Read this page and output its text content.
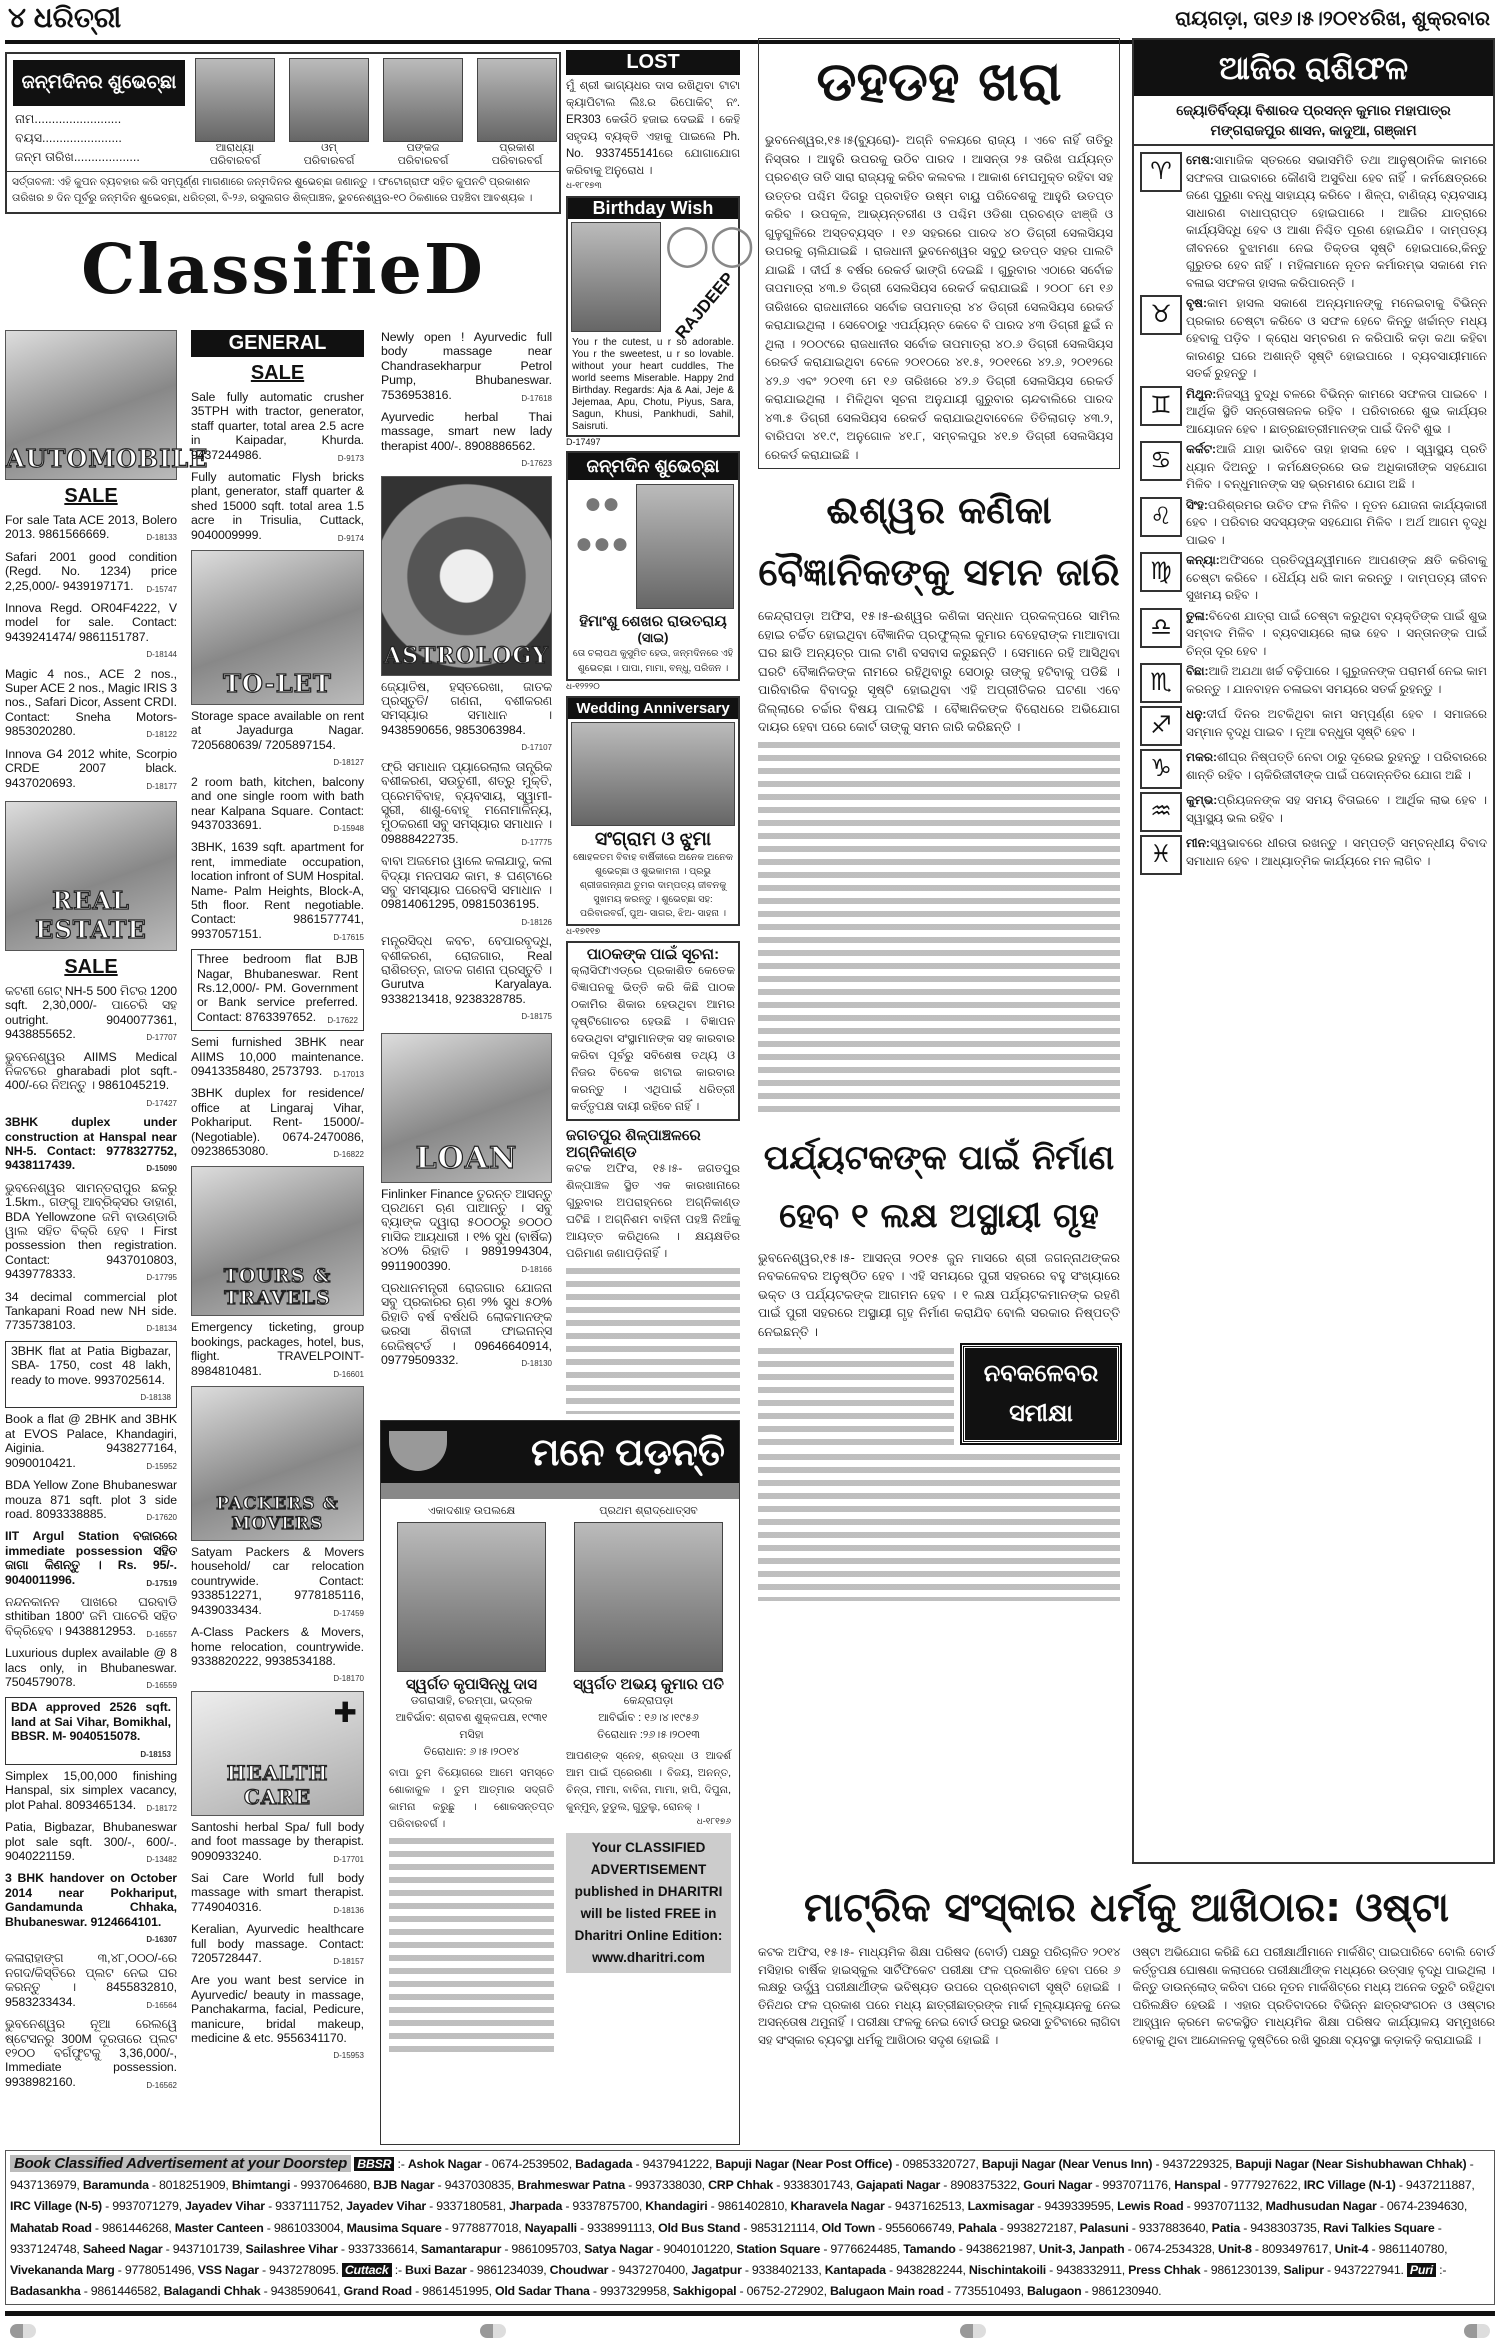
୪ ଧରିତ୍ରୀ	ରାୟଗଡ଼ା, ତା୧୬।୫।୨୦୧୪ରିଖ, ଶୁକ୍ରବାର
ଜନ୍ମଦିନର ଶୁଭେଚ୍ଛା
ନାମ.........................
ବୟସ.......................
ଜନ୍ମ ତାରିଖ...................
ଆରାଧ୍ୟା
ପରିବାରବର୍ଗ
ଓମ୍
ପରିବାରବର୍ଗ
ପଙ୍କଜ
ପରିବାରବର୍ଗ
ପ୍ରକାଶ
ପରିବାରବର୍ଗ
ସର୍ତ୍ତାବଳୀ: ଏହି କୁପନ ବ୍ୟବହାର କରି ସମ୍ପୂର୍ଣ୍ଣ ମାଗଣାରେ ଜନ୍ମଦିନର ଶୁଭେଚ୍ଛା ଜଣାନ୍ତୁ । ଫଟୋଗ୍ରାଫ ସହିତ କୁପନଟି ପ୍ରକାଶନ ତାରିଖର ୭ ଦିନ ପୂର୍ବରୁ ଜନ୍ମଦିନ ଶୁଭେଚ୍ଛା, ଧରିତ୍ରୀ, ବି-୨୬, ରସୁଲଗଡ ଶିଳ୍ପାଞ୍ଚଳ, ଭୁବନେଶ୍ୱର-୧୦ ଠିକଣାରେ ପହଞ୍ଚିବା ଆବଶ୍ୟକ ।
ClassifieD
AUTOMOBILE
SALE
For sale Tata ACE 2013, Bolero 2013. 9861566669.	D-18133
Safari 2001 good condition (Regd. No. 1234) price 2,25,000/- 9439197171. D-15747
Innova Regd. OR04F4222, V model for sale. Contact: 9439241474/ 9861151787.
D-18144
Magic 4 nos., ACE 2 nos., Super ACE 2 nos., Magic IRIS 3 nos., Safari Dicor, Assent CRDI. Contact: Sneha Motors-9853020280.	D-18122
Innova G4 2012 white, Scorpio CRDE 2007 black. 9437020693.	D-18177
REAL ESTATE
SALE
କଟଣୀ ଗେଟ୍ NH-5 500 ମିଟର 1200 sqft. 2,30,000/- ପାଚେରି ସହ outright. 9040077361, 9438855652.	D-17707
ଭୁବନେଶ୍ୱର AIIMS Medical ନିକଟରେ gharabadi plot sqft.- 400/-ରେ ନିଅନ୍ତୁ । 9861045219.
D-17427
3BHK duplex under construction at Hanspal near NH-5. Contact: 9778327752, 9438117439.	D-15090
ଭୁବନେଶ୍ୱର ସାମନ୍ତରାପୁର ଛକରୁ 1.5km., ଗଙ୍ଗୁ ଆବ୍ରିକ୍ସର ଡାହାଣ, BDA Yellowzone ଜମି ବାଉଣ୍ଡାରି ୱାଲ ସହିତ ବିକ୍ରି ହେବ । First possession then registration. Contact: 9437010803, 9439778333.	D-17795
34 decimal commercial plot Tankapani Road new NH side. 7735738103.	D-18134
3BHK flat at Patia Bigbazar, SBA- 1750, cost 48 lakh, ready to move. 9937025614.
D-18138
Book a flat @ 2BHK and 3BHK at EVOS Palace, Khandagiri, Aiginia. 9438277164, 9090010421.	D-15952
BDA Yellow Zone Bhubaneswar mouza 871 sqft. plot 3 side road. 8093338885.	D-17620
IIT Argul Station ବଜାରରେ immediate possession ସହିତ ଜାଗା କିଣନ୍ତୁ । Rs. 95/-. 9040011996.	D-17519
ନନ୍ଦନକାନନ ପାଖରେ ଘରବାଡି sthitiban 1800' ଜମି ପାଚେରି ସହିତ ବିକ୍ରିହେବ । 9438812953. D-16557
Luxurious duplex available @ 8 lacs only, in Bhubaneswar. 7504579078.	D-16559
BDA approved 2526 sqft. land at Sai Vihar, Bomikhal, BBSR. M- 9040515078.
D-18153
Simplex 15,00,000 finishing Hanspal, six simplex vacancy, plot Pahal. 8093465134. D-18172
Patia, Bigbazar, Bhubaneswar plot sale sqft. 300/-, 600/-. 9040221159.	D-13482
3 BHK handover on October 2014 near Pokhariput, Gandamunda Chhaka, Bhubaneswar. 9124664101.
D-16307
କଳାରାହାଙ୍ଗ ୩,୪୮,୦୦୦/-ରେ ନଗଦ/କିସ୍ତିରେ ପ୍ଲଟ ନେଇ ଘର କରନ୍ତୁ । 8455832810, 9583233434.	D-16564
ଭୁବନେଶ୍ୱର ନୂଆ ରେଲୱେ ଷ୍ଟେସନରୁ 300M ଦୂରତାରେ ପ୍ଲଟ ୧୨୦୦ ବର୍ଗଫୁଟକୁ 3,36,000/-, Immediate possession. 9938982160.	D-16562
GENERAL
SALE
Sale fully automatic crusher 35TPH with tractor, generator, staff quarter, total area 2.5 acre in Kaipadar, Khurda. 9437244986.	D-9173
Fully automatic Flysh bricks plant, generator, staff quarter & shed 15000 sqft. total area 1.5 acre in Trisulia, Cuttack, 9040009999.	D-9174
TO-LET
Storage space available on rent at Jayadurga Nagar. 7205680639/ 7205897154.
D-18127
2 room bath, kitchen, balcony and one single room with bath near Kalpana Square. Contact: 9437033691.	D-15948
3BHK, 1639 sqft. apartment for rent, immediate occupation, location infront of SUM Hospital. Name- Palm Heights, Block-A, 5th floor. Rent negotiable. Contact: 9861577741, 9937057151.	D-17615
Three bedroom flat BJB Nagar, Bhubaneswar. Rent Rs.12,000/- PM. Government or Bank service preferred. Contact: 8763397652. D-17622
Semi furnished 3BHK near AIIMS 10,000 maintenance. 09413358480, 2573793. D-17013
3BHK duplex for residence/ office at Lingaraj Vihar, Pokhariput. Rent- 15000/- (Negotiable). 0674-2470086, 09238653080.	D-16822
TOURS & TRAVELS
Emergency ticketing, group bookings, packages, hotel, bus, flight. TRAVELPOINT-8984810481.	D-16601
PACKERS & MOVERS
Satyam Packers & Movers household/ car relocation countrywide. Contact: 9338512271, 9778185116, 9439033434.	D-17459
A-Class Packers & Movers, home relocation, countrywide. 9338820222, 9938534188.
D-18170
✚
HEALTH CARE
Santoshi herbal Spa/ full body and foot massage by therapist. 9090933240.	D-17701
Sai Care World full body massage with smart therapist. 7749040316.	D-18136
Keralian, Ayurvedic healthcare full body massage. Contact: 7205728447.	D-18157
Are you want best service in Ayurvedic/ beauty in massage, Panchakarma, facial, Pedicure, manicure, bridal makeup, medicine & etc. 9556341170.
D-15953
Newly open ! Ayurvedic full body massage near Chandrasekharpur Petrol Pump, Bhubaneswar. 7536953816.	D-17618
Ayurvedic herbal Thai massage, smart new lady therapist 400/-. 8908886562.
D-17623
ASTROLOGY
ଜ୍ୟୋତିଷ, ହସ୍ତରେଖା, ଜାତକ ପ୍ରସ୍ତୁତି/ ଗଣନା, ବଶୀକରଣ ସମସ୍ୟାର ସମାଧାନ । 9438590656, 9853063984.
D-17107
ଫ୍ରି ସମାଧାନ ପ୍ୟାରେଲାଲ ତାନ୍ତ୍ରିକ ବଶୀକରଣ, ସଉତୁଣୀ, ଶତ୍ରୁ ମୁକ୍ତି, ପ୍ରେମବିବାହ, ବ୍ୟବସାୟ, ସ୍ୱାମୀ-ସ୍ତ୍ରୀ, ଶାଶୁ-ବୋହୂ ମନୋମାଳିନ୍ୟ, ମୁଠକରଣୀ ସବୁ ସମସ୍ୟାର ସମାଧାନ । 09888422735.	D-17775
ବାବା ଅଜମେର ୱାଲେ କଳାଯାଦୁ, କଳା ବିଦ୍ୟା ମନପସନ୍ଦ କାମ, ୫ ଘଣ୍ଟାରେ ସବୁ ସମସ୍ୟାର ଘରେବସି ସମାଧାନ । 09814061295, 09815036195.
D-18126
ମନ୍ତ୍ରସିଦ୍ଧ କବଚ, ବେପାରବୃଦ୍ଧି, ବଶୀକରଣ, ରୋଜଗାର, Real ରାଶିରତ୍ନ, ଜାତକ ଗଣନା ପ୍ରସ୍ତୁତି । Gurutva Karyalaya. 9338213418, 9238328785.
D-18175
LOAN
Finlinker Finance ତୁରନ୍ତ ଆସନ୍ତୁ ପ୍ରଥମେ ଋଣ ପାଆନ୍ତୁ । ସବୁ ବ୍ୟାଙ୍କ ଦ୍ୱାରା ୫୦୦୦ରୁ ୭୦୦୦ ମାସିକ ଆୟଧାରୀ । ୧% ସୁଧ (ବାର୍ଷିକ) ୪୦% ରିହାତି । 9891994304, 9911900390.	D-18166
ପ୍ରଧାନମନ୍ତ୍ରୀ ରୋଜଗାର ଯୋଜନା ସବୁ ପ୍ରକାରର ଋଣ ୨% ସୁଧ ୫୦% ରିହାତି ବର୍ଷ ବର୍ଷଧରି ଲୋକମାନଙ୍କ ଭରସା ଶିବାଜୀ ଫାଇନାନ୍ସ ରେଜିଷ୍ଟର୍ଡ । 09646640914, 09779509332.	D-18130
LOST
ମୁଁ ଶ୍ରୀ ଭାଗ୍ୟଧର ଦାସ ରଖିଥିବା ଟାଟା କ୍ୟାପିଟାଲ ଲିଃ.ର ରିପୋକିଟ୍ ନଂ. ER303 କେଉଁଠି ହଜାଇ ଦେଇଛି । କେହି ସହୃଦୟ ବ୍ୟକ୍ତି ଏହାକୁ ପାଇଲେ Ph. No. 9337455141ରେ ଯୋଗାଯୋଗ କରିବାକୁ ଅନୁରୋଧ ।
ଧ-୧୮୧୭୩
Birthday Wish
◯◯
RAJDEEP
You r the cutest, u r so adorable. You r the sweetest, u r so lovable. without your heart cuddles, The world seems Miserable. Happy 2nd Birthday. Regards: Aja & Aai, Jeje & Jejemaa, Apu, Chotu, Piyus, Sara, Sagun, Khusi, Pankhudi, Sahil, Saisruti.
D-17497
ଜନ୍ମଦିନ ଶୁଭେଚ୍ଛା
●●
●●●
ହିମାଂଶୁ ଶେଖର ରାଉତରାୟ
(ସାଇ)
ତୋ ଚଲାପଥ କୁସୁମିତ ହେଉ, ଜନ୍ମଦିନରେ ଏହି ଶୁଭେଚ୍ଛା । ପାପା, ମାମା, ବନ୍ଧୁ, ପରିଜନ ।
ଧ-୧୨୨୨୦
Wedding Anniversary
ସଂଗ୍ରାମ ଓ ଝୁମା
ଷୋହଳତମ ବିବାହ ବାର୍ଷିକୀରେ ଅନେକ ଅନେକ ଶୁଭେଚ୍ଛା ଓ ଶୁଭକାମନା । ପ୍ରଭୁ ଶ୍ରୀଜଗନ୍ନାଥ ତୁମର ଦାମ୍ପତ୍ୟ ଜୀବନକୁ ସୁଖମୟ କରନ୍ତୁ । ଶୁଭେଚ୍ଛା ସହ: ପରିବାରବର୍ଗ, ପୁଅ- ସାଗର, ଝିଅ- ସାହନା ।
ଧ-୧୭୧୧୭
ପାଠକଙ୍କ ପାଇଁ ସୂଚନା:
କ୍ଲାସିଫାଏଡ୍‌ରେ ପ୍ରକାଶିତ କେତେକ ବିଜ୍ଞାପନକୁ ଭିତ୍ତି କରି କିଛି ପାଠକ ଠକାମିର ଶିକାର ହେଉଥିବା ଆମର ଦୃଷ୍ଟିଗୋଚର ହେଉଛି । ବିଜ୍ଞାପନ ଦେଉଥିବା ସଂସ୍ଥାମାନଙ୍କ ସହ କାରବାର କରିବା ପୂର୍ବରୁ ସବିଶେଷ ତଥ୍ୟ ଓ ନିଜର ବିବେକ ଖଟାଇ କାରବାର କରନ୍ତୁ । ଏଥିପାଇଁ ଧରିତ୍ରୀ କର୍ତ୍ତୃପକ୍ଷ ଦାୟୀ ରହିବେ ନାହିଁ ।
ଜଗତପୁର ଶିଳ୍ପାଞ୍ଚଳରେ ଅଗ୍ନିକାଣ୍ଡ
କଟକ ଅଫିସ, ୧୫।୫- ଜଗତପୁର ଶିଳ୍ପାଞ୍ଚଳ ସ୍ଥିତ ଏକ କାରଖାନାରେ ଗୁରୁବାର ଅପରାହ୍ନରେ ଅଗ୍ନିକାଣ୍ଡ ଘଟିଛି । ଅଗ୍ନିଶମ ବାହିନୀ ପହଞ୍ଚି ନିଆଁକୁ ଆୟତ୍ତ କରିଥିଲେ । କ୍ଷୟକ୍ଷତିର ପରିମାଣ ଜଣାପଡ଼ିନାହିଁ ।
ମନେ ପଡ଼ନ୍ତି
ଏକାଦଶାହ ଉପଲକ୍ଷେ
ସ୍ୱର୍ଗତ କୃପାସିନ୍ଧୁ ଦାସ
ଡଗରାସାହି, ଚରମ୍ପା, ଭଦ୍ରକ
ଆବିର୍ଭାବ: ଶ୍ରାବଣ ଶୁକ୍ଳପକ୍ଷ, ୧୯୩୧ ମସିହା
ତିରୋଧାନ: ୬।୫।୨୦୧୪
ବାପା ତୁମ ବିୟୋଗରେ ଆମେ ସମସ୍ତେ ଶୋକାକୁଳ । ତୁମ ଆତ୍ମାର ସଦ୍‌ଗତି କାମନା କରୁଛୁ । ଶୋକସନ୍ତପ୍ତ ପରିବାରବର୍ଗ ।
ପ୍ରଥମ ଶ୍ରାଦ୍ଧୋତ୍ସବ
ସ୍ୱର୍ଗତ ଅଭୟ କୁମାର ପତି
କେନ୍ଦ୍ରାପଡ଼ା
ଆବିର୍ଭାବ : ୧୬।୪।୧୯୫୬
ତିରୋଧାନ :୨୬।୫।୨୦୧୩
ଆପଣଙ୍କ ସ୍ନେହ, ଶ୍ରଦ୍ଧା ଓ ଆଦର୍ଶ ଆମ ପାଇଁ ପ୍ରେରଣା । ବିଜୟ, ଅନନ୍ତ, ଚିନ୍ତା, ମୀମା, ବାବିନା, ମାମା, ହାପି, ଦିପୁନା, କୁନ୍‌ମୁନ୍, ଡୁଡୁଲ, ଗୁଡୁଲୁ, ରୋନକ୍ ।
ଧ-୧୮୧୭୬
Your CLASSIFIED ADVERTISEMENT published in DHARITRI will be listed FREE in Dharitri Online Edition:
www.dharitri.com
ଡହଡହ ଖରା
ଭୁବନେଶ୍ୱର,୧୫।୫(ବ୍ୟୁରୋ)- ଅଗ୍ନି ବଳୟରେ ରାଜ୍ୟ । ଏବେ ନାହିଁ ତାତିରୁ ନିସ୍ତାର । ଆହୁରି ଉପରକୁ ଉଠିବ ପାରଦ । ଆସନ୍ତା ୨୫ ତାରିଖ ପର୍ଯ୍ୟନ୍ତ ପ୍ରଚଣ୍ଡ ତାତି ସାରା ରାଜ୍ୟକୁ କରିବ କଲବଲ । ଆକାଶ ମେଘମୁକ୍ତ ରହିବା ସହ ଉତ୍ତର ପଶ୍ଚିମ ଦିଗରୁ ପ୍ରବାହିତ ଉଷ୍ମ ବାୟୁ ପରିବେଶକୁ ଆହୁରି ଉତପ୍ତ କରିବ । ଉପକୂଳ, ଆଭ୍ୟନ୍ତରୀଣ ଓ ପଶ୍ଚିମ ଓଡିଶା ପ୍ରଚଣ୍ଡ ଝାଞ୍ଜି ଓ ଗୁଳୁଗୁଳିରେ ଅସ୍ତବ୍ୟସ୍ତ । ୧୬ ସହରରେ ପାରଦ ୪୦ ଡିଗ୍ରୀ ସେଲସିୟସ ଉପରକୁ ଚାଲିଯାଇଛି । ରାଜଧାନୀ ଭୁବନେଶ୍ୱର ସବୁଠୁ ଉତପ୍ତ ସହର ପାଲଟି ଯାଇଛି । ଦୀର୍ଘ ୫ ବର୍ଷର ରେକର୍ଡ ଭାଙ୍ଗି ଦେଇଛି । ଗୁରୁବାର ଏଠାରେ ସର୍ବୋଚ୍ଚ ତାପମାତ୍ରା ୪୩.୭ ଡିଗ୍ରୀ ସେଲସିୟସ ରେକର୍ଡ କରାଯାଇଛି । ୨୦୦୮ ମେ ୧୬ ତାରିଖରେ ରାଜଧାନୀରେ ସର୍ବୋଚ୍ଚ ତାପମାତ୍ରା ୪୪ ଡିଗ୍ରୀ ସେଲସିୟସ ରେକର୍ଡ କରାଯାଇଥିଲା । ସେବେଠାରୁ ଏପର୍ଯ୍ୟନ୍ତ କେବେ ବି ପାରଦ ୪୩ ଡିଗ୍ରୀ ଛୁଇଁ ନ ଥିଲା । ୨୦୦୯ରେ ରାଜଧାନୀର ସର୍ବୋଚ୍ଚ ତାପମାତ୍ରା ୪୦.୬ ଡିଗ୍ରୀ ସେଲସିୟସ ରେକର୍ଡ କରାଯାଇଥିବା ବେଳେ ୨୦୧୦ରେ ୪୧.୫, ୨୦୧୧ରେ ୪୨.୬, ୨୦୧୨ରେ ୪୨.୬ ଏବଂ ୨୦୧୩ ମେ ୧୬ ତାରିଖରେ ୪୨.୬ ଡିଗ୍ରୀ ସେଲସିୟସ ରେକର୍ଡ କରାଯାଇଥିଲା । ମିଳିଥିବା ସୂଚନା ଅନୁଯାୟୀ ଗୁରୁବାର ଚାନ୍ଦବାଲିରେ ପାରଦ ୪୩.୫ ଡିଗ୍ରୀ ସେଲସିୟସ ରେକର୍ଡ କରାଯାଇଥିବାବେଳେ ତିତିଲାଗଡ଼ ୪୩.୨, ବାରିପଦା ୪୧.୯, ଅନୁଗୋଳ ୪୧.୮, ସମ୍ବଲପୁର ୪୧.୭ ଡିଗ୍ରୀ ସେଲସିୟସ ରେକର୍ଡ କରାଯାଇଛି ।
ଈଶ୍ୱର କଣିକା ବୈଜ୍ଞାନିକଙ୍କୁ ସମନ ଜାରି
କେନ୍ଦ୍ରାପଡ଼ା ଅଫିସ, ୧୫।୫-ଈଶ୍ୱର କଣିକା ସନ୍ଧାନ ପ୍ରକଳ୍ପରେ ସାମିଲ ହୋଇ ଚର୍ଚ୍ଚିତ ହୋଇଥିବା ବୈଜ୍ଞାନିକ ପ୍ରଫୁଲ୍ଲ କୁମାର ବେହେରାଙ୍କ ମାଆବାପା ଘର ଛାଡି ଅନ୍ୟତ୍ର ପାଲ ଟାଣି ବସବାସ କରୁଛନ୍ତି । ସେମାନେ ରହି ଆସିଥିବା ଘରଟି ବୈଜ୍ଞାନିକଙ୍କ ନାମରେ ରହିଥିବାରୁ ସେଠାରୁ ତାଙ୍କୁ ହଟିବାକୁ ପଡିଛି । ପାରିବାରିକ ବିବାଦରୁ ସୃଷ୍ଟି ହୋଇଥିବା ଏହି ଅପ୍ରୀତିକର ଘଟଣା ଏବେ ଜିଲ୍ଲାରେ ଚର୍ଚ୍ଚାର ବିଷୟ ପାଲଟିଛି । ବୈଜ୍ଞାନିକଙ୍କ ବିରୋଧରେ ଅଭିଯୋଗ ଦାୟର ହେବା ପରେ କୋର୍ଟ ତାଙ୍କୁ ସମନ ଜାରି କରିଛନ୍ତି ।
ପର୍ଯ୍ୟଟକଙ୍କ ପାଇଁ ନିର୍ମାଣ ହେବ ୧ ଲକ୍ଷ ଅସ୍ଥାୟୀ ଗୃହ
ଭୁବନେଶ୍ୱର,୧୫।୫- ଆସନ୍ତା ୨୦୧୫ ଜୁନ ମାସରେ ଶ୍ରୀ ଜଗନ୍ନାଥଙ୍କର ନବକଳେବର ଅନୁଷ୍ଠିତ ହେବ । ଏହି ସମୟରେ ପୁରୀ ସହରରେ ବହୁ ସଂଖ୍ୟାରେ ଭକ୍ତ ଓ ପର୍ଯ୍ୟଟକଙ୍କ ଆଗମନ ହେବ । ୧ ଲକ୍ଷ ପର୍ଯ୍ୟଟକମାନଙ୍କ ରହଣି ପାଇଁ ପୁରୀ ସହରରେ ଅସ୍ଥାୟୀ ଗୃହ ନିର୍ମାଣ କରାଯିବ ବୋଲି ସରକାର ନିଷ୍ପତ୍ତି ନେଇଛନ୍ତି ।
ନବକଳେବର ସମୀକ୍ଷା
ଆଜିର ରାଶିଫଳ
ଜ୍ୟୋତିର୍ବିଦ୍ୟା ବିଶାରଦ ପ୍ରସନ୍ନ କୁମାର ମହାପାତ୍ର
ମଙ୍ଗରାଜପୁର ଶାସନ, କାଦୁଆ, ଗଞ୍ଜାମ
♈	ମେଷ:ସାମାଜିକ ସ୍ତରରେ ସଭାସମିତି ତଥା ଆନୁଷ୍ଠାନିକ କାମରେ ସଫଳତା ପାଇବାରେ କୌଣସି ଅସୁବିଧା ହେବ ନାହିଁ । କର୍ମକ୍ଷେତ୍ରରେ ଜଣେ ପୁରୁଣା ବନ୍ଧୁ ସାହାଯ୍ୟ କରିବେ । ଶିଳ୍ପ, ବାଣିଜ୍ୟ ବ୍ୟବସାୟ ସାଧାରଣ ବାଧାପ୍ରାପ୍ତ ହୋଇପାରେ । ଆଜିର ଯାତ୍ରାରେ କାର୍ଯ୍ୟସିଦ୍ଧି ହେବ ଓ ଆଶା ନିଶ୍ଚିତ ପୂରଣ ହୋଇଯିବ । ଦାମ୍ପତ୍ୟ ଜୀବନରେ ବୁଝାମଣା ନେଇ ତିକ୍ତତା ସୃଷ୍ଟି ହୋଇପାରେ,କିନ୍ତୁ ଗୁରୁତର ହେବ ନାହିଁ । ମହିଳାମାନେ ନୂତନ କର୍ମାରମ୍ଭ ସକାଶେ ମନ ବଳାଇ ସଫଳତା ହାସଲ କରିପାରନ୍ତି ।
♉	ବୃଷ:କାମ ହାସଲ ସକାଶେ ଅନ୍ୟମାନଙ୍କୁ ମନେଇବାକୁ ବିଭିନ୍ନ ପ୍ରକାର ଚେଷ୍ଟା କରିବେ ଓ ସଫଳ ହେବେ କିନ୍ତୁ ଖର୍ଚ୍ଚାନ୍ତ ମଧ୍ୟ ହେବାକୁ ପଡ଼ିବ । କ୍ରୋଧ ସମ୍ବରଣ ନ କରିପାରି କଡ଼ା କଥା କହିବା କାରଣରୁ ଘରେ ଅଶାନ୍ତି ସୃଷ୍ଟି ହୋଇପାରେ । ବ୍ୟବସାୟୀମାନେ ସତର୍କ ରୁହନ୍ତୁ ।
♊	ମିଥୁନ:ନିଜସ୍ୱ ବୁଦ୍ଧି ବଳରେ ବିଭିନ୍ନ କାମରେ ସଫଳତା ପାଇବେ । ଆର୍ଥିକ ସ୍ଥିତି ସନ୍ତୋଷଜନକ ରହିବ । ପରିବାରରେ ଶୁଭ କାର୍ଯ୍ୟର ଆୟୋଜନ ହେବ । ଛାତ୍ରଛାତ୍ରୀମାନଙ୍କ ପାଇଁ ଦିନଟି ଶୁଭ ।
♋	କର୍କଟ:ଆଜି ଯାହା ଭାବିବେ ତାହା ହାସଲ ହେବ । ସ୍ୱାସ୍ଥ୍ୟ ପ୍ରତି ଧ୍ୟାନ ଦିଅନ୍ତୁ । କର୍ମକ୍ଷେତ୍ରରେ ଉଚ୍ଚ ଅଧିକାରୀଙ୍କ ସହଯୋଗ ମିଳିବ । ବନ୍ଧୁମାନଙ୍କ ସହ ଭ୍ରମଣର ଯୋଗ ଅଛି ।
♌	ସିଂହ:ପରିଶ୍ରମର ଉଚିତ ଫଳ ମିଳିବ । ନୂତନ ଯୋଜନା କାର୍ଯ୍ୟକାରୀ ହେବ । ପରିବାର ସଦସ୍ୟଙ୍କ ସହଯୋଗ ମିଳିବ । ଅର୍ଥ ଆଗମ ବୃଦ୍ଧି ପାଇବ ।
♍	କନ୍ୟା:ଅଫିସରେ ପ୍ରତିଦ୍ୱନ୍ଦ୍ୱୀମାନେ ଆପଣଙ୍କ କ୍ଷତି କରିବାକୁ ଚେଷ୍ଟା କରିବେ । ଧୈର୍ଯ୍ୟ ଧରି କାମ କରନ୍ତୁ । ଦାମ୍ପତ୍ୟ ଜୀବନ ସୁଖମୟ ରହିବ ।
♎	ତୁଳା:ବିଦେଶ ଯାତ୍ରା ପାଇଁ ଚେଷ୍ଟା କରୁଥିବା ବ୍ୟକ୍ତିଙ୍କ ପାଇଁ ଶୁଭ ସମ୍ବାଦ ମିଳିବ । ବ୍ୟବସାୟରେ ଲାଭ ହେବ । ସନ୍ତାନଙ୍କ ପାଇଁ ଚିନ୍ତା ଦୂର ହେବ ।
♏	ବିଛା:ଆଜି ଅଯଥା ଖର୍ଚ୍ଚ ବଢ଼ିପାରେ । ଗୁରୁଜନଙ୍କ ପରାମର୍ଶ ନେଇ କାମ କରନ୍ତୁ । ଯାନବାହନ ଚଳାଇବା ସମୟରେ ସତର୍କ ରୁହନ୍ତୁ ।
♐	ଧନୁ:ଦୀର୍ଘ ଦିନର ଅଟକିଥିବା କାମ ସମ୍ପୂର୍ଣ୍ଣ ହେବ । ସମାଜରେ ସମ୍ମାନ ବୃଦ୍ଧି ପାଇବ । ନୂଆ ବନ୍ଧୁତା ସୃଷ୍ଟି ହେବ ।
♑	ମକର:ଶୀଘ୍ର ନିଷ୍ପତ୍ତି ନେବା ଠାରୁ ଦୂରେଇ ରୁହନ୍ତୁ । ପରିବାରରେ ଶାନ୍ତି ରହିବ । ଚାକିରିଜୀବୀଙ୍କ ପାଇଁ ପଦୋନ୍ନତିର ଯୋଗ ଅଛି ।
♒	କୁମ୍ଭ:ପ୍ରିୟଜନଙ୍କ ସହ ସମୟ ବିତାଇବେ । ଆର୍ଥିକ ଲାଭ ହେବ । ସ୍ୱାସ୍ଥ୍ୟ ଭଲ ରହିବ ।
♓	ମୀନ:ସ୍ୱଭାବରେ ଧୀରତା ରଖନ୍ତୁ । ସମ୍ପତ୍ତି ସମ୍ବନ୍ଧୀୟ ବିବାଦ ସମାଧାନ ହେବ । ଆଧ୍ୟାତ୍ମିକ କାର୍ଯ୍ୟରେ ମନ ଲାଗିବ ।
ମାଟ୍ରିକ ସଂସ୍କାର ଧର୍ମକୁ ଆଖିଠାର: ଓଷ୍ଟା
କଟକ ଅଫିସ, ୧୫।୫- ମାଧ୍ୟମିକ ଶିକ୍ଷା ପରିଷଦ (ବୋର୍ଡ) ପକ୍ଷରୁ ପରିଚାଳିତ ୨୦୧୪ ମସିହାର ବାର୍ଷିକ ହାଇସ୍କୁଲ ସାର୍ଟିଫିକେଟ ପରୀକ୍ଷା ଫଳ ପ୍ରକାଶିତ ହେବା ପରେ ୬ ଲକ୍ଷରୁ ଊର୍ଦ୍ଧ୍ୱ ପରୀକ୍ଷାର୍ଥୀଙ୍କ ଭବିଷ୍ୟତ ଉପରେ ପ୍ରଶ୍ନବାଚୀ ସୃଷ୍ଟି ହୋଇଛି । ତିନିଥର ଫଳ ପ୍ରକାଶ ପରେ ମଧ୍ୟ ଛାତ୍ରୀଛାତ୍ରଙ୍କ ମାର୍କ ମୂଲ୍ୟାୟନକୁ ନେଇ ଅସନ୍ତୋଷ ଥମୁନାହିଁ । ପରୀକ୍ଷା ଫଳକୁ ନେଇ ବୋର୍ଡ ଉପରୁ ଭରସା ତୁଟିବାରେ ଲାଗିବା ସହ ସଂସ୍କାର ବ୍ୟବସ୍ଥା ଧର୍ମକୁ ଆଖିଠାର ସଦୃଶ ହୋଇଛି ।
ଓଷ୍ଟା ଅଭିଯୋଗ କରିଛି ଯେ ପରୀକ୍ଷାର୍ଥୀମାନେ ମାର୍କଶିଟ୍ ପାଇପାରିବେ ବୋଲି ବୋର୍ଡ କର୍ତ୍ତୃପକ୍ଷ ଘୋଷଣା କଲାପରେ ପରୀକ୍ଷାର୍ଥୀଙ୍କ ମଧ୍ୟରେ ଉତ୍ସାହ ବୃଦ୍ଧି ପାଇଥିଲା । କିନ୍ତୁ ଡାଉନ୍‌ଲୋଡ୍ କରିବା ପରେ ନୂତନ ମାର୍କଶିଟ୍‌ରେ ମଧ୍ୟ ଅନେକ ତ୍ରୁଟି ରହିଥିବା ପରିଲକ୍ଷିତ ହେଉଛି । ଏହାର ପ୍ରତିବାଦରେ ବିଭିନ୍ନ ଛାତ୍ରସଂଗଠନ ଓ ଓଷ୍ଟାର ଆହ୍ୱାନ କ୍ରମେ କଟକସ୍ଥିତ ମାଧ୍ୟମିକ ଶିକ୍ଷା ପରିଷଦ କାର୍ଯ୍ୟାଳୟ ସମ୍ମୁଖରେ ହେବାକୁ ଥିବା ଆନ୍ଦୋଳନକୁ ଦୃଷ୍ଟିରେ ରଖି ସୁରକ୍ଷା ବ୍ୟବସ୍ଥା କଡ଼ାକଡ଼ି କରାଯାଇଛି ।
Book Classified Advertisement at your Doorstep BBSR :- Ashok Nagar - 0674-2539502, Badagada - 9437941222, Bapuji Nagar (Near Post Office) - 09853320727, Bapuji Nagar (Near Venus Inn) - 9437229325, Bapuji Nagar (Near Sishubhawan Chhak) - 9437136979, Baramunda - 8018251909, Bhimtangi - 9937064680, BJB Nagar - 9437030835, Brahmeswar Patna - 9937338030, CRP Chhak - 9338301743, Gajapati Nagar - 8908375322, Gouri Nagar - 9937071176, Hanspal - 9777927622, IRC Village (N-1) - 9437211887, IRC Village (N-5) - 9937071279, Jayadev Vihar - 9337111752, Jayadev Vihar - 9337180581, Jharpada - 9337875700, Khandagiri - 9861402810, Kharavela Nagar - 9437162513, Laxmisagar - 9439339595, Lewis Road - 9937071132, Madhusudan Nagar - 0674-2394630, Mahatab Road - 9861446268, Master Canteen - 9861033004, Mausima Square - 9778877018, Nayapalli - 9338991113, Old Bus Stand - 9853121114, Old Town - 9556066749, Pahala - 9938272187, Palasuni - 9337883640, Patia - 9438303735, Ravi Talkies Square - 9337124748, Saheed Nagar - 9437101739, Sailashree Vihar - 9337336614, Samantarapur - 9861095703, Satya Nagar - 9040101220, Station Square - 9776624485, Tamando - 9438621987, Unit-3, Janpath - 0674-2534328, Unit-8 - 8093497617, Unit-4 - 9861140780, Vivekananda Marg - 9778051496, VSS Nagar - 9437278095. Cuttack :- Buxi Bazar - 9861234039, Choudwar - 9437270400, Jagatpur - 9338402133, Kantapada - 9438282244, Nischintakoili - 9438332911, Press Chhak - 9861230139, Salipur - 9437227941. Puri :- Badasankha - 9861446582, Balagandi Chhak - 9438590641, Grand Road - 9861451995, Old Sadar Thana - 9937329958, Sakhigopal - 06752-272902, Balugaon Main road - 7735510493, Balugaon - 9861230940.
